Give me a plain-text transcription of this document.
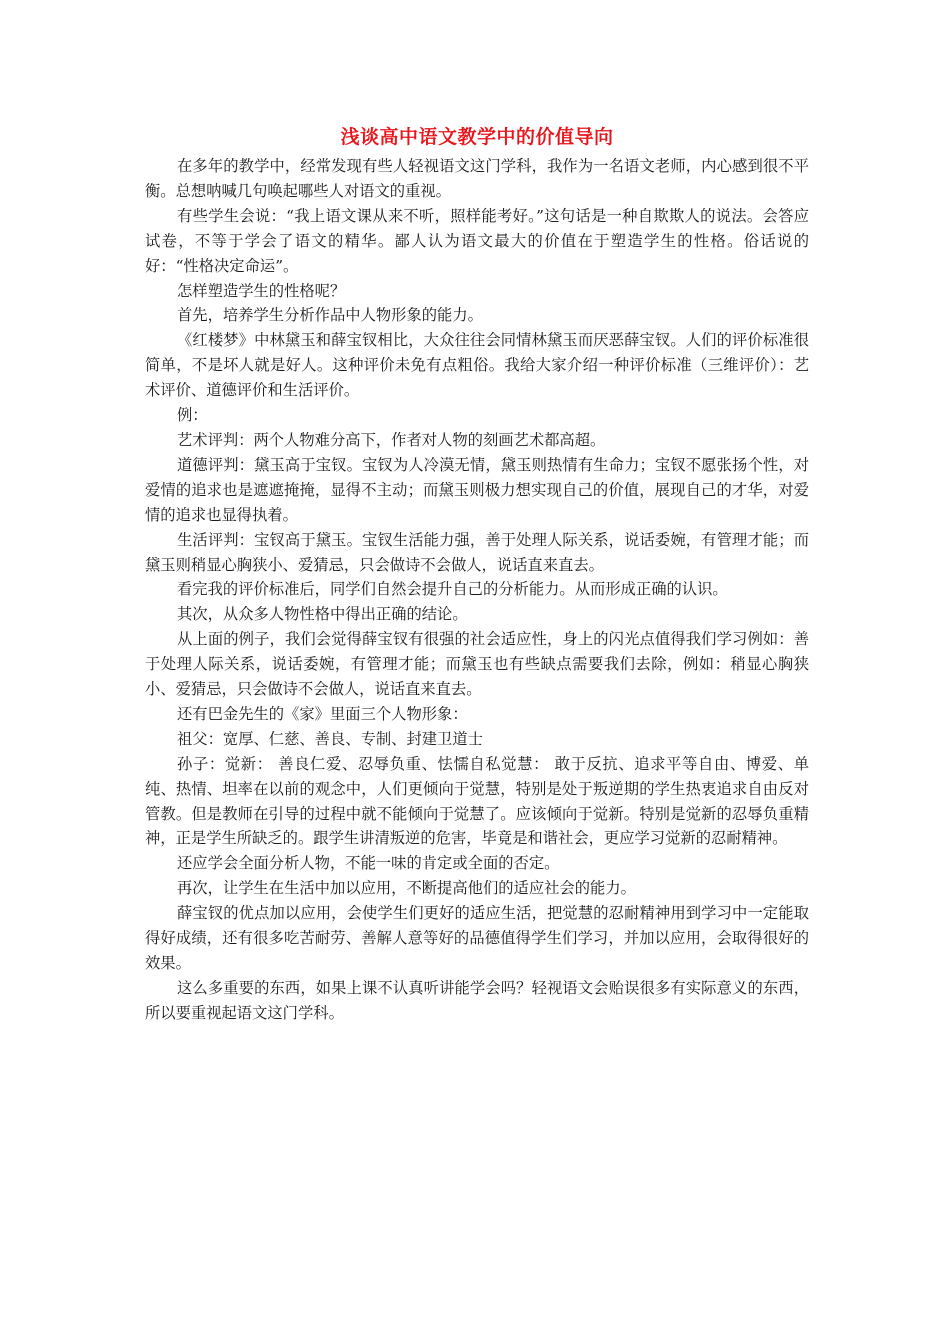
浅谈高中语文教学中的价值导向

在多年的教学中，经常发现有些人轻视语文这门学科，我作为一名语文老师，内心感到很不平衡。总想呐喊几句唤起哪些人对语文的重视。

有些学生会说：“我上语文课从来不听，照样能考好。”这句话是一种自欺欺人的说法。会答应试卷，不等于学会了语文的精华。鄙人认为语文最大的价值在于塑造学生的性格。俗话说的好：“性格决定命运”。

怎样塑造学生的性格呢？

首先，培养学生分析作品中人物形象的能力。

《红楼梦》中林黛玉和薛宝钗相比，大众往往会同情林黛玉而厌恶薛宝钗。人们的评价标准很简单，不是坏人就是好人。这种评价未免有点粗俗。我给大家介绍一种评价标准（三维评价）：艺术评价、道德评价和生活评价。

例：

艺术评判：两个人物难分高下，作者对人物的刻画艺术都高超。

道德评判：黛玉高于宝钗。宝钗为人冷漠无情，黛玉则热情有生命力；宝钗不愿张扬个性，对爱情的追求也是遮遮掩掩，显得不主动；而黛玉则极力想实现自己的价值，展现自己的才华，对爱情的追求也显得执着。

生活评判：宝钗高于黛玉。宝钗生活能力强，善于处理人际关系，说话委婉，有管理才能；而黛玉则稍显心胸狭小、爱猜忌，只会做诗不会做人，说话直来直去。

看完我的评价标准后，同学们自然会提升自己的分析能力。从而形成正确的认识。

其次，从众多人物性格中得出正确的结论。

从上面的例子，我们会觉得薛宝钗有很强的社会适应性，身上的闪光点值得我们学习例如：善于处理人际关系，说话委婉，有管理才能；而黛玉也有些缺点需要我们去除，例如：稍显心胸狭小、爱猜忌，只会做诗不会做人，说话直来直去。

还有巴金先生的《家》里面三个人物形象：

祖父：宽厚、仁慈、善良、专制、封建卫道士

孙子：觉新： 善良仁爱、忍辱负重、怯懦自私觉慧： 敢于反抗、追求平等自由、博爱、单纯、热情、坦率在以前的观念中，人们更倾向于觉慧，特别是处于叛逆期的学生热衷追求自由反对管教。但是教师在引导的过程中就不能倾向于觉慧了。应该倾向于觉新。特别是觉新的忍辱负重精神，正是学生所缺乏的。跟学生讲清叛逆的危害，毕竟是和谐社会，更应学习觉新的忍耐精神。

还应学会全面分析人物，不能一味的肯定或全面的否定。

再次，让学生在生活中加以应用，不断提高他们的适应社会的能力。

薛宝钗的优点加以应用，会使学生们更好的适应生活，把觉慧的忍耐精神用到学习中一定能取得好成绩，还有很多吃苦耐劳、善解人意等好的品德值得学生们学习，并加以应用，会取得很好的效果。

这么多重要的东西，如果上课不认真听讲能学会吗？轻视语文会贻误很多有实际意义的东西，所以要重视起语文这门学科。
